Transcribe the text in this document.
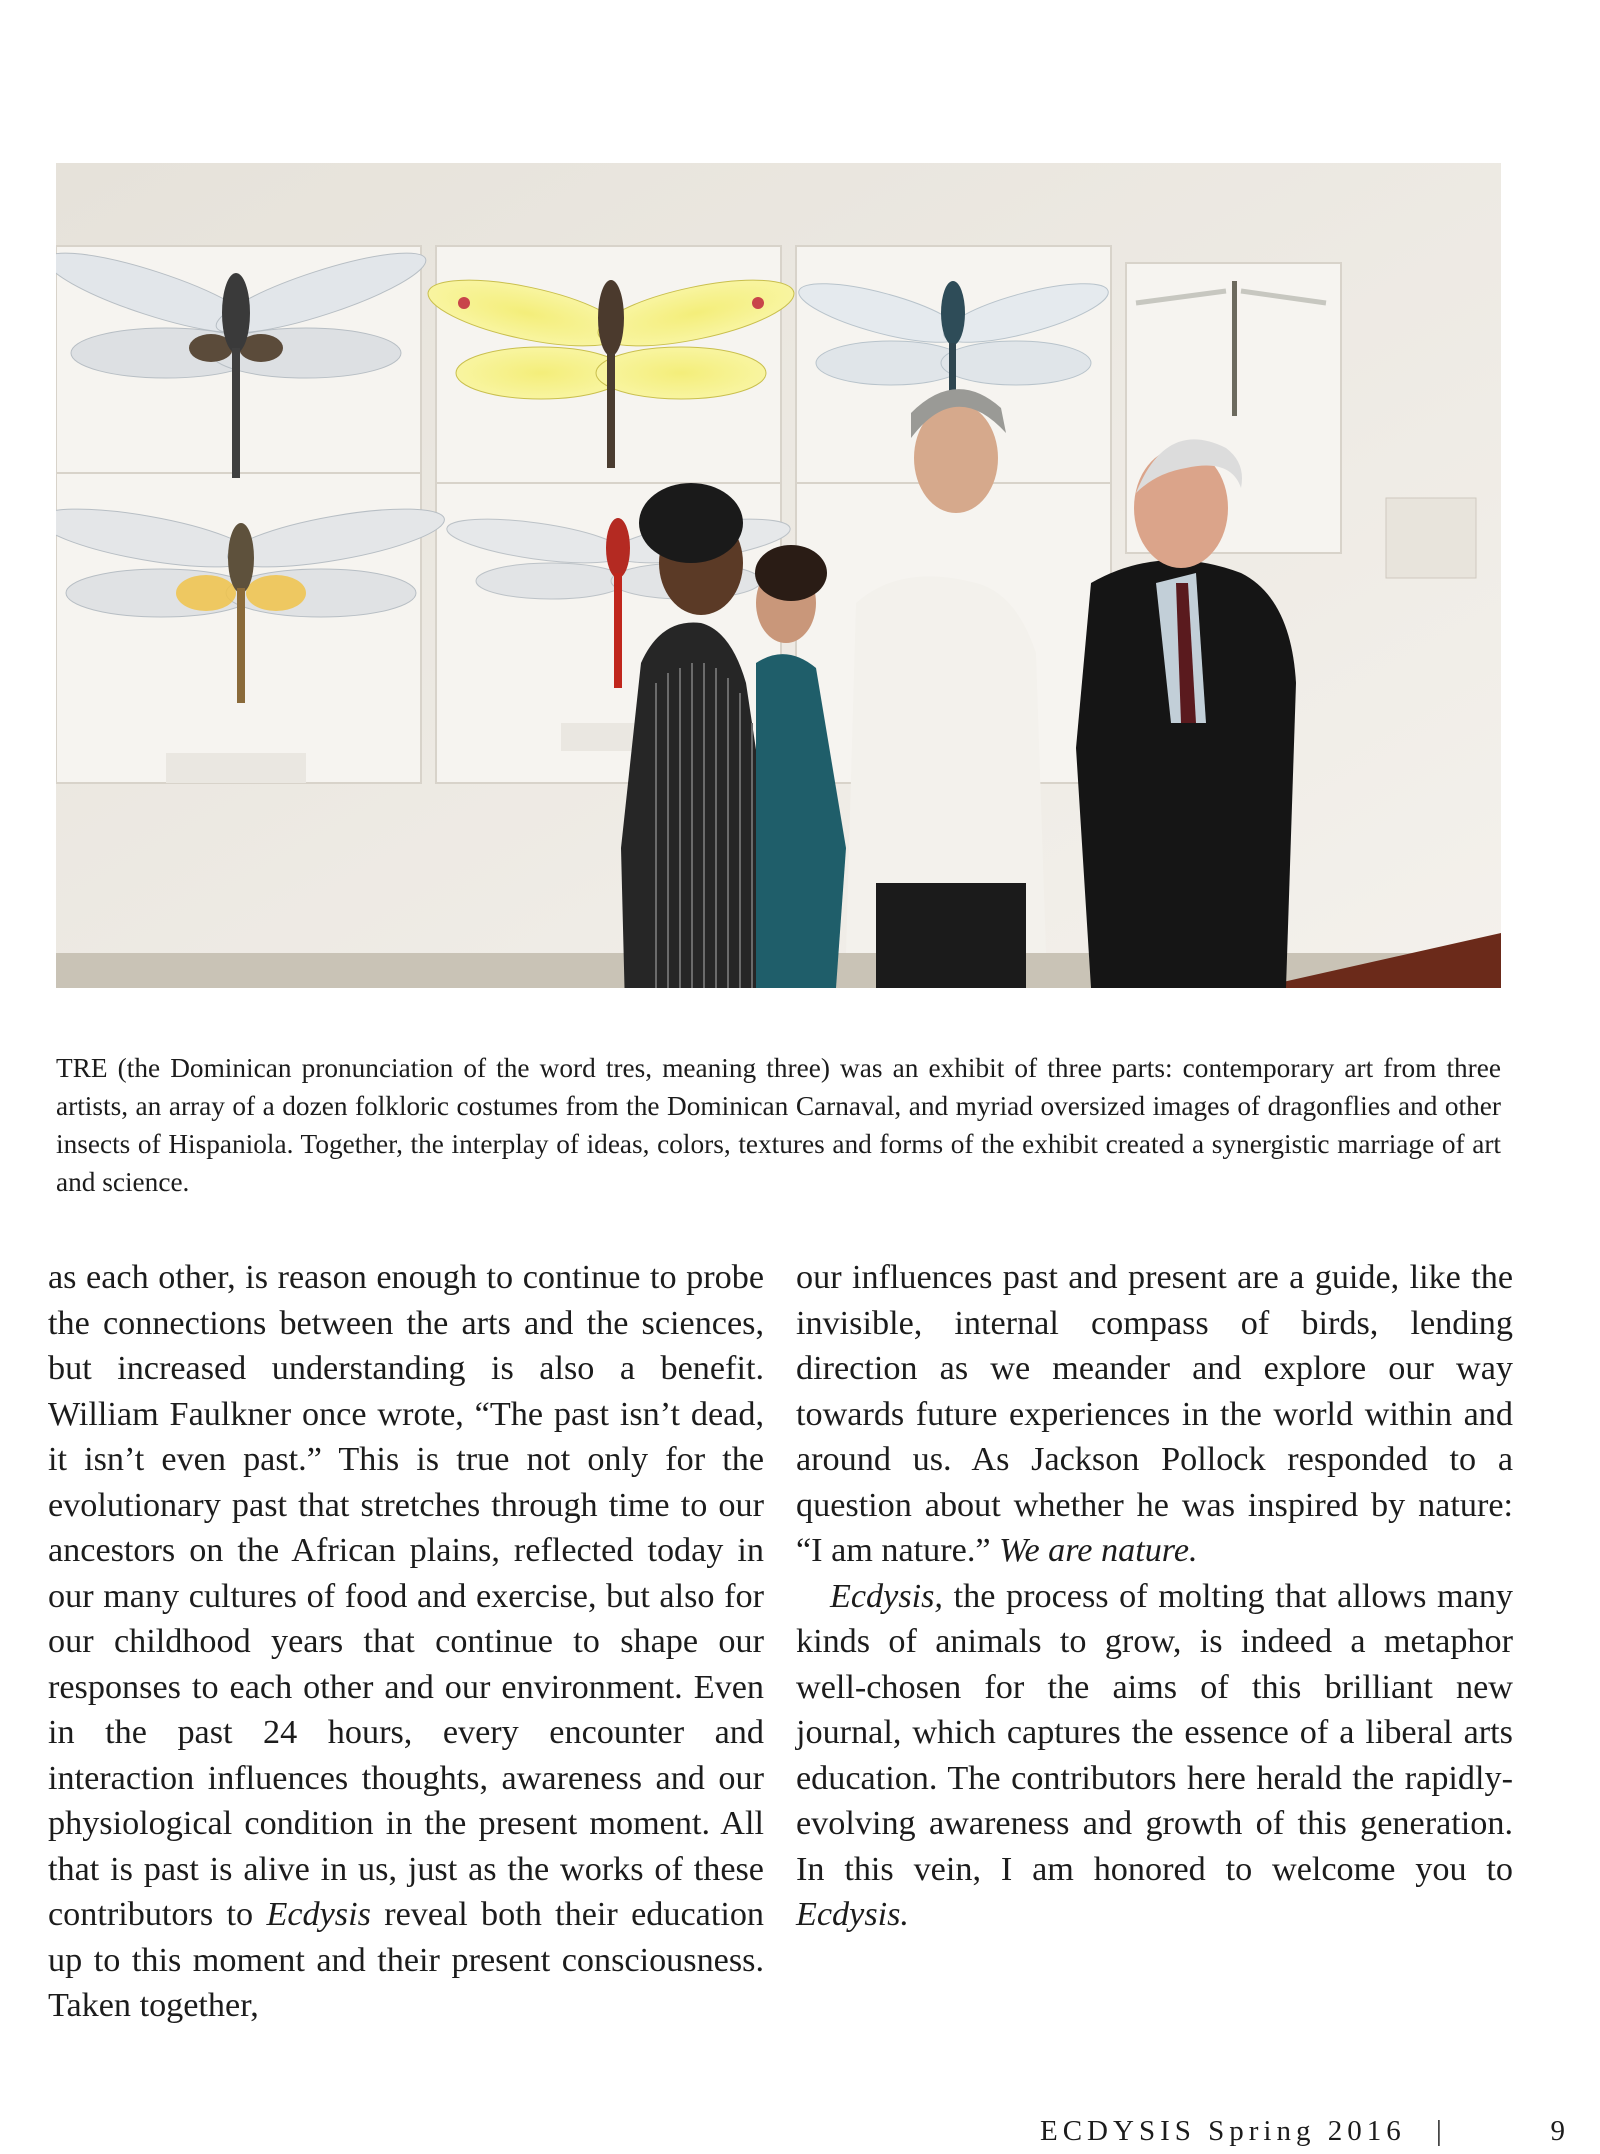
TRE (the Dominican pronunciation of the word tres, meaning three) was an exhibit of three parts: contemporary art from three artists, an array of a dozen folkloric costumes from the Dominican Carnaval, and myriad oversized images of dragonflies and other insects of Hispaniola. Together, the interplay of ideas, colors, textures and forms of the exhibit created a synergistic marriage of art and science.

as each other, is reason enough to continue to probe the connections between the arts and the sciences, but increased understanding is also a benefit. William Faulkner once wrote, “The past isn’t dead, it isn’t even past.” This is true not only for the evolutionary past that stretches through time to our ancestors on the African plains, reflected today in our many cultures of food and exercise, but also for our childhood years that continue to shape our responses to each other and our environment. Even in the past 24 hours, every encounter and interaction influences thoughts, awareness and our physiological condition in the present moment. All that is past is alive in us, just as the works of these contributors to Ecdysis reveal both their education up to this moment and their present consciousness. Taken together,

our influences past and present are a guide, like the invisible, internal compass of birds, lending direction as we meander and explore our way towards future experiences in the world within and around us. As Jackson Pollock responded to a question about whether he was inspired by nature: “I am nature.” We are nature.

Ecdysis, the process of molting that allows many kinds of animals to grow, is indeed a metaphor well-chosen for the aims of this brilliant new journal, which captures the essence of a liberal arts education. The contributors here herald the rapidly-evolving awareness and growth of this generation. In this vein, I am honored to welcome you to Ecdysis.

ECDYSIS Spring 2016 |	9
